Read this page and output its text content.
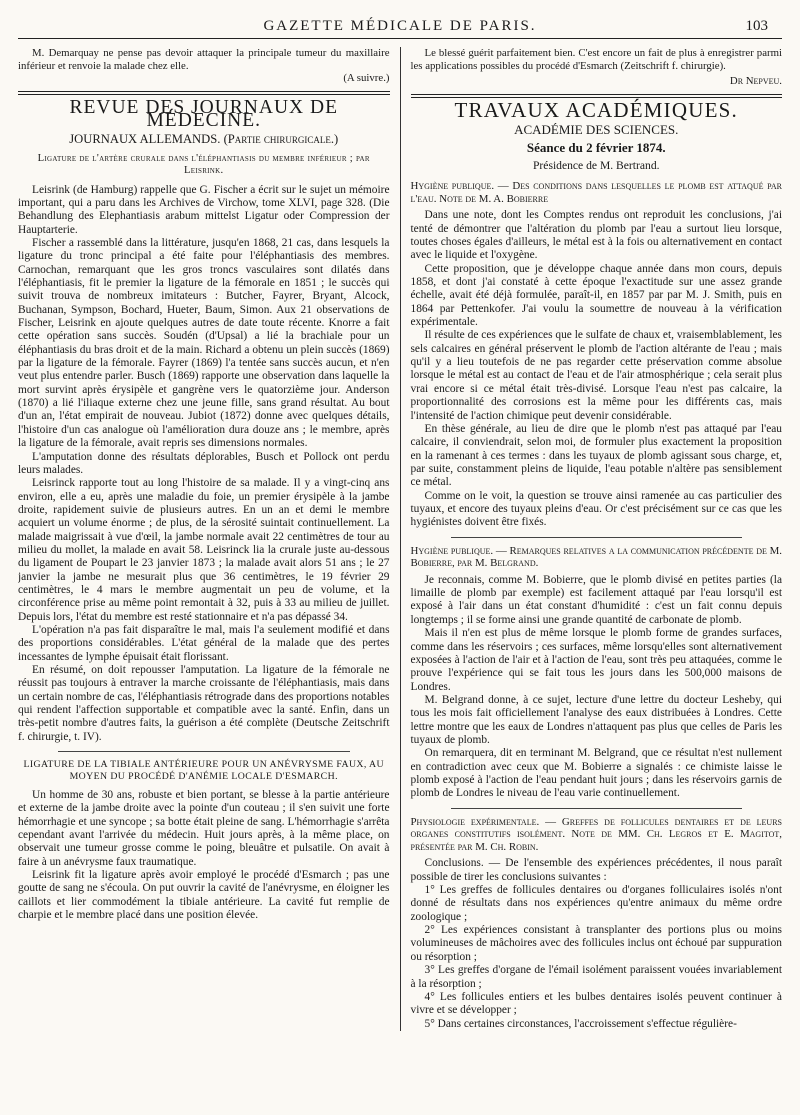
GAZETTE MÉDICALE DE PARIS.	103

M. Demarquay ne pense pas devoir attaquer la principale tumeur du maxillaire inférieur et renvoie la malade chez elle.

(A suivre.)

REVUE DES JOURNAUX DE MÉDECINE.
JOURNAUX ALLEMANDS. (Partie chirurgicale.)
Ligature de l'artère crurale dans l'éléphantiasis du membre inférieur ; par Leisrink.

Leisrink (de Hamburg) rappelle que G. Fischer a écrit sur le sujet un mémoire important, qui a paru dans les Archives de Virchow, tome XLVI, page 328. (Die Behandlung des Elephantiasis arabum mittelst Ligatur oder Compression der Hauptarterie.

Fischer a rassemblé dans la littérature, jusqu'en 1868, 21 cas, dans lesquels la ligature du tronc principal a été faite pour l'éléphantiasis des membres. Carnochan, remarquant que les gros troncs vasculaires sont dilatés dans l'éléphantiasis, fit le premier la ligature de la fémorale en 1851 ; le succès qui suivit trouva de nombreux imitateurs : Butcher, Fayrer, Bryant, Alcock, Buchanan, Sympson, Bochard, Hueter, Baum, Simon. Aux 21 observations de Fischer, Leisrink en ajoute quelques autres de date toute récente. Knorre a fait cette opération sans succès. Soudén (d'Upsal) a lié la brachiale pour un éléphantiasis du bras droit et de la main. Richard a obtenu un plein succès (1869) par la ligature de la fémorale. Fayrer (1869) l'a tentée sans succès aucun, et n'en veut plus entendre parler. Busch (1869) rapporte une observation dans laquelle la mort survint après érysipèle et gangrène vers le quatorzième jour. Anderson (1870) a lié l'iliaque externe chez une jeune fille, sans grand résultat. Au bout d'un an, l'état empirait de nouveau. Jubiot (1872) donne avec quelques détails, l'histoire d'un cas analogue où l'amélioration dura douze ans ; le membre, après la ligature de la fémorale, avait repris ses dimensions normales.

L'amputation donne des résultats déplorables, Busch et Pollock ont perdu leurs malades.

Leisrinck rapporte tout au long l'histoire de sa malade. Il y a vingt-cinq ans environ, elle a eu, après une maladie du foie, un premier érysipèle à la jambe droite, rapidement suivie de plusieurs autres. En un an et demi le membre acquiert un volume énorme ; de plus, de la sérosité suintait continuellement. La malade maigrissait à vue d'œil, la jambe normale avait 22 centimètres de tour au milieu du mollet, la malade en avait 58. Leisrinck lia la crurale juste au-dessous du ligament de Poupart le 23 janvier 1873 ; la malade avait alors 51 ans ; le 27 janvier la jambe ne mesurait plus que 36 centimètres, le 19 février 29 centimètres, le 4 mars le membre augmentait un peu de volume, et la circonférence prise au même point remontait à 32, puis à 33 au milieu de juillet. Depuis lors, l'état du membre est resté stationnaire et n'a pas dépassé 34.

L'opération n'a pas fait disparaître le mal, mais l'a seulement modifié et dans des proportions considérables. L'état général de la malade que des pertes incessantes de lymphe épuisait était florissant.

En résumé, on doit repousser l'amputation. La ligature de la fémorale ne réussit pas toujours à entraver la marche croissante de l'éléphantiasis, mais dans un certain nombre de cas, l'éléphantiasis rétrograde dans des proportions notables qui rendent l'affection supportable et compatible avec la santé. Enfin, dans un très-petit nombre d'autres faits, la guérison a été complète (Deutsche Zeitschrift f. chirurgie, t. IV).

LIGATURE DE LA TIBIALE ANTÉRIEURE POUR UN ANÉVRYSME FAUX, AU MOYEN DU PROCÉDÉ D'ANÉMIE LOCALE D'ESMARCH.

Un homme de 30 ans, robuste et bien portant, se blesse à la partie antérieure et externe de la jambe droite avec la pointe d'un couteau ; il s'en suivit une forte hémorrhagie et une syncope ; sa botte était pleine de sang. L'hémorrhagie s'arrêta cependant avant l'arrivée du médecin. Huit jours après, à la même place, on observait une tumeur grosse comme le poing, bleuâtre et pulsatile. On avait à faire à un anévrysme faux traumatique.

Leisrink fit la ligature après avoir employé le procédé d'Esmarch ; pas une goutte de sang ne s'écoula. On put ouvrir la cavité de l'anévrysme, en éloigner les caillots et lier commodément la tibiale antérieure. La cavité fut remplie de charpie et le membre placé dans une position élevée.

Le blessé guérit parfaitement bien. C'est encore un fait de plus à enregistrer parmi les applications possibles du procédé d'Esmarch (Zeitschrift f. chirurgie).

Dr Nepveu.

TRAVAUX ACADÉMIQUES.
ACADÉMIE DES SCIENCES.
Séance du 2 février 1874.
Présidence de M. Bertrand.

Hygiène publique. — Des conditions dans lesquelles le plomb est attaqué par l'eau. Note de M. A. Bobierre

Dans une note, dont les Comptes rendus ont reproduit les conclusions, j'ai tenté de démontrer que l'altération du plomb par l'eau a surtout lieu lorsque, toutes choses égales d'ailleurs, le métal est à la fois ou alternativement en contact avec le liquide et l'oxygène.

Cette proposition, que je développe chaque année dans mon cours, depuis 1858, et dont j'ai constaté à cette époque l'exactitude sur une assez grande échelle, avait été déjà formulée, paraît-il, en 1857 par par M. J. Smith, puis en 1864 par Pettenkofer. J'ai voulu la soumettre de nouveau à la vérification expérimentale.

Il résulte de ces expériences que le sulfate de chaux et, vraisemblablement, les sels calcaires en général préservent le plomb de l'action altérante de l'eau ; mais qu'il y a lieu toutefois de ne pas regarder cette préservation comme absolue lorsque le métal est au contact de l'eau et de l'air atmosphérique ; cela serait plus vrai encore si ce métal était très-divisé. Lorsque l'eau n'est pas calcaire, la proportionnalité des corrosions est la même pour les différents cas, mais l'intensité de l'action chimique peut devenir considérable.

En thèse générale, au lieu de dire que le plomb n'est pas attaqué par l'eau calcaire, il conviendrait, selon moi, de formuler plus exactement la proposition en la ramenant à ces termes : dans les tuyaux de plomb agissant sous charge, et, par suite, constamment pleins de liquide, l'eau potable n'altère pas sensiblement ce métal.

Comme on le voit, la question se trouve ainsi ramenée au cas particulier des tuyaux, et encore des tuyaux pleins d'eau. Or c'est précisément sur ce cas que les hygiénistes doivent être fixés.

Hygiène publique. — Remarques relatives a la communication précédente de M. Bobierre, par M. Belgrand.

Je reconnais, comme M. Bobierre, que le plomb divisé en petites parties (la limaille de plomb par exemple) est facilement attaqué par l'eau lorsqu'il est exposé à l'air dans un état constant d'humidité : c'est un fait connu depuis longtemps ; il se forme ainsi une grande quantité de carbonate de plomb.

Mais il n'en est plus de même lorsque le plomb forme de grandes surfaces, comme dans les réservoirs ; ces surfaces, même lorsqu'elles sont alternativement exposées à l'action de l'air et à l'action de l'eau, sont très peu attaquées, comme le prouve l'expérience qui se fait tous les jours dans les 500,000 maisons de Londres.

M. Belgrand donne, à ce sujet, lecture d'une lettre du docteur Lesheby, qui tous les mois fait officiellement l'analyse des eaux distribuées à Londres. Cette lettre montre que les eaux de Londres n'attaquent pas plus que celles de Paris les tuyaux de plomb.

On remarquera, dit en terminant M. Belgrand, que ce résultat n'est nullement en contradiction avec ceux que M. Bobierre a signalés : ce chimiste laisse le plomb exposé à l'action de l'eau pendant huit jours ; dans les réservoirs garnis de plomb de Londres le niveau de l'eau varie continuellement.

Physiologie expérimentale. — Greffes de follicules dentaires et de leurs organes constitutifs isolément. Note de MM. Ch. Legros et E. Magitot, présentée par M. Ch. Robin.

Conclusions. — De l'ensemble des expériences précédentes, il nous paraît possible de tirer les conclusions suivantes :

1° Les greffes de follicules dentaires ou d'organes folliculaires isolés n'ont donné de résultats dans nos expériences qu'entre animaux du même ordre zoologique ;

2° Les expériences consistant à transplanter des portions plus ou moins volumineuses de mâchoires avec des follicules inclus ont échoué par suppuration ou résorption ;

3° Les greffes d'organe de l'émail isolément paraissent vouées invariablement à la résorption ;

4° Les follicules entiers et les bulbes dentaires isolés peuvent continuer à vivre et se développer ;

5° Dans certaines circonstances, l'accroissement s'effectue régulière-
